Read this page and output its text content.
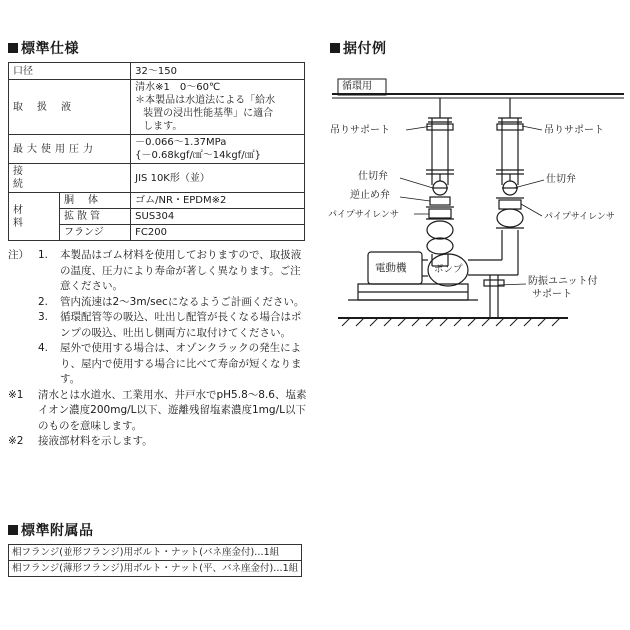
標準仕様
口径		32～150
取扱液		清水※1　0～60℃
＊本製品は水道法による「給水
装置の浸出性能基準」に適合
します。

最大使用圧力		－0.066～1.37MPa
{－0.68kgf/㎠～14kgf/㎠}

接続		JIS 10K形（並）
材料	胴体	ゴム/NR・EPDM※2
	拡散管	SUS304
	フランジ	FC200
注） 1.	本製品はゴム材料を使用しておりますので、取扱液の温度、圧力により寿命が著しく異なります。ご注意ください。
2.	管内流速は2～3m/secになるようご計画ください。
3.	循環配管等の吸込、吐出し配管が長くなる場合はポンプの吸込、吐出し側両方に取付けてください。
4.	屋外で使用する場合は、オゾンクラックの発生により、屋内で使用する場合に比べて寿命が短くなります。
※1	清水とは水道水、工業用水、井戸水でpH5.8～8.6、塩素イオン濃度200mg/L以下、遊離残留塩素濃度1mg/L以下のものを意味します。
※2	接液部材料を示します。
標準附属品
相フランジ(並形フランジ)用ボルト・ナット(バネ座金付)…1組
相フランジ(薄形フランジ)用ボルト・ナット(平、バネ座金付)…1組
据付例
循環用
吊りサポート	吊りサポート
仕切弁	仕切弁
逆止め弁
パイプサイレンサ	パイプサイレンサ
電動機	ポンプ
防振ユニット付
サポート
